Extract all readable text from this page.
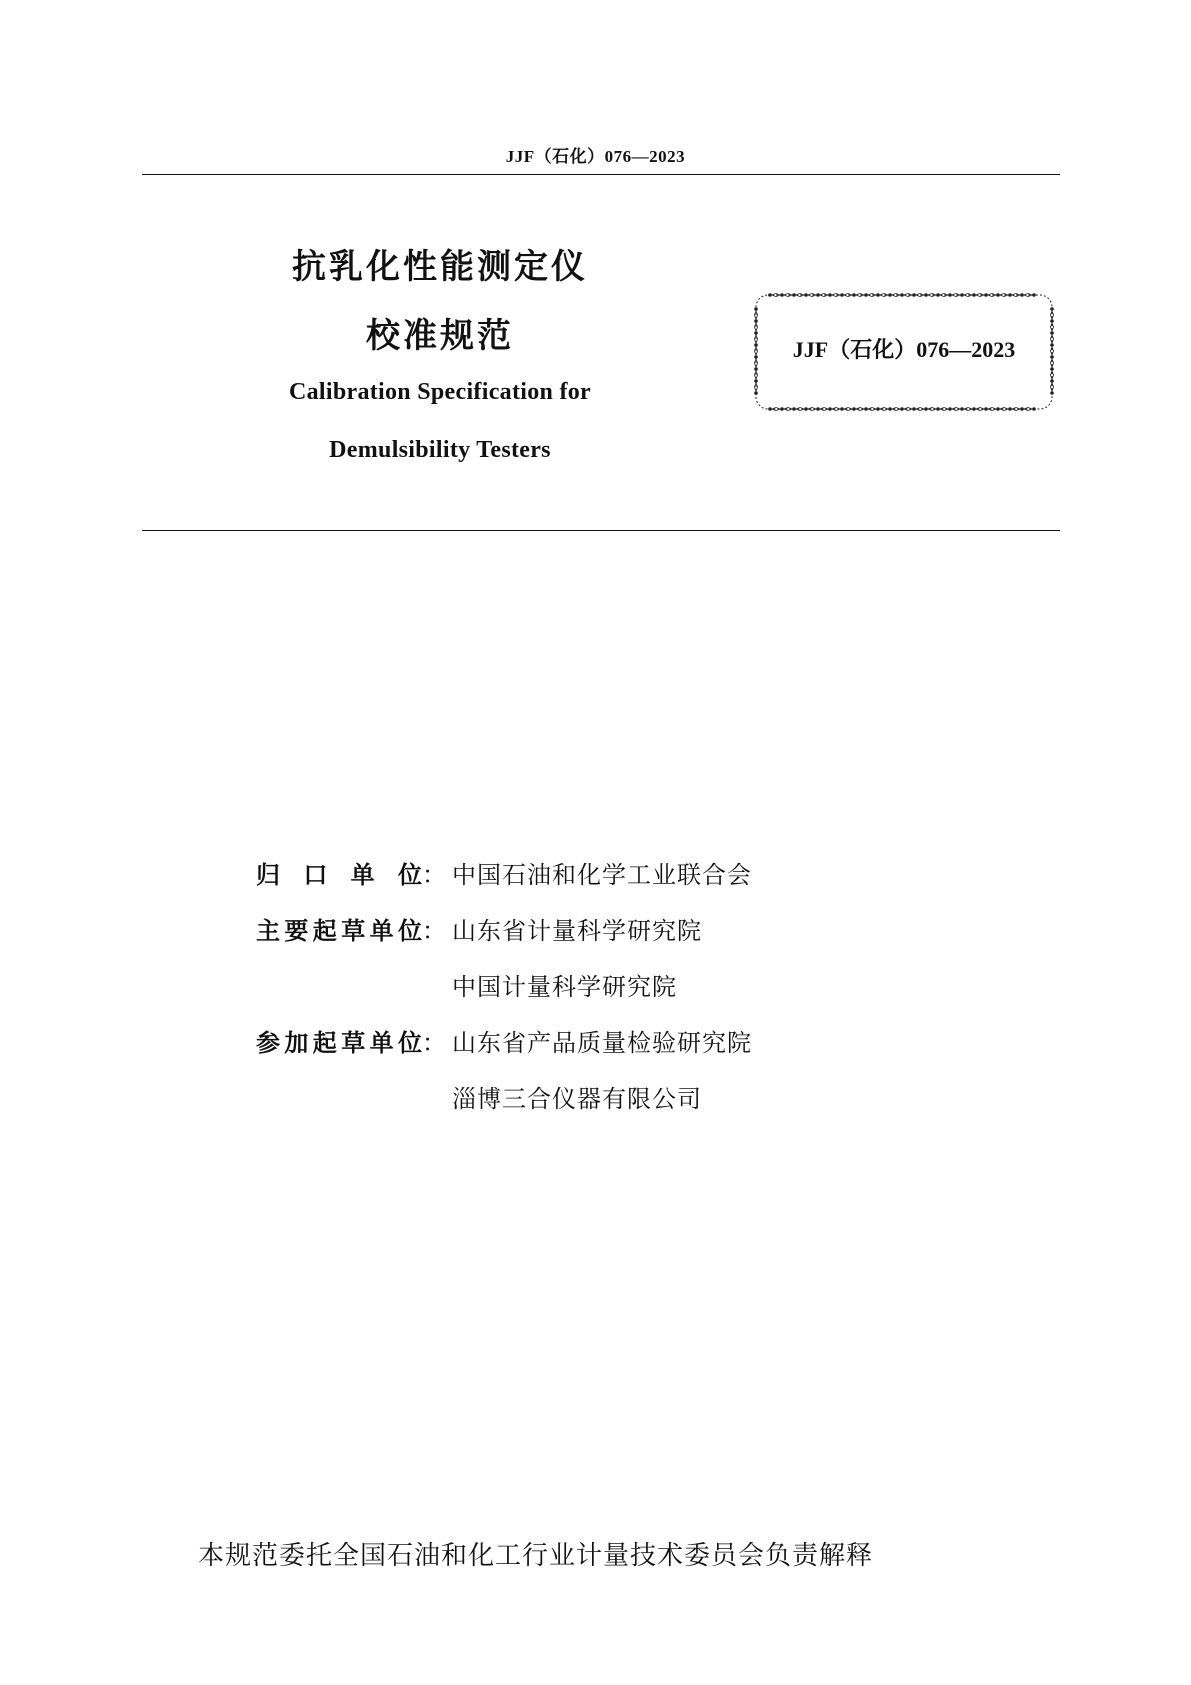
JJF（石化）076—2023
抗乳化性能测定仪
校准规范
Calibration Specification for
Demulsibility Testers
JJF（石化）076—2023
归口单位 ： 中国石油和化学工业联合会
主要起草单位 ： 山东省计量科学研究院
中国计量科学研究院
参加起草单位 ： 山东省产品质量检验研究院
淄博三合仪器有限公司
本规范委托全国石油和化工行业计量技术委员会负责解释
